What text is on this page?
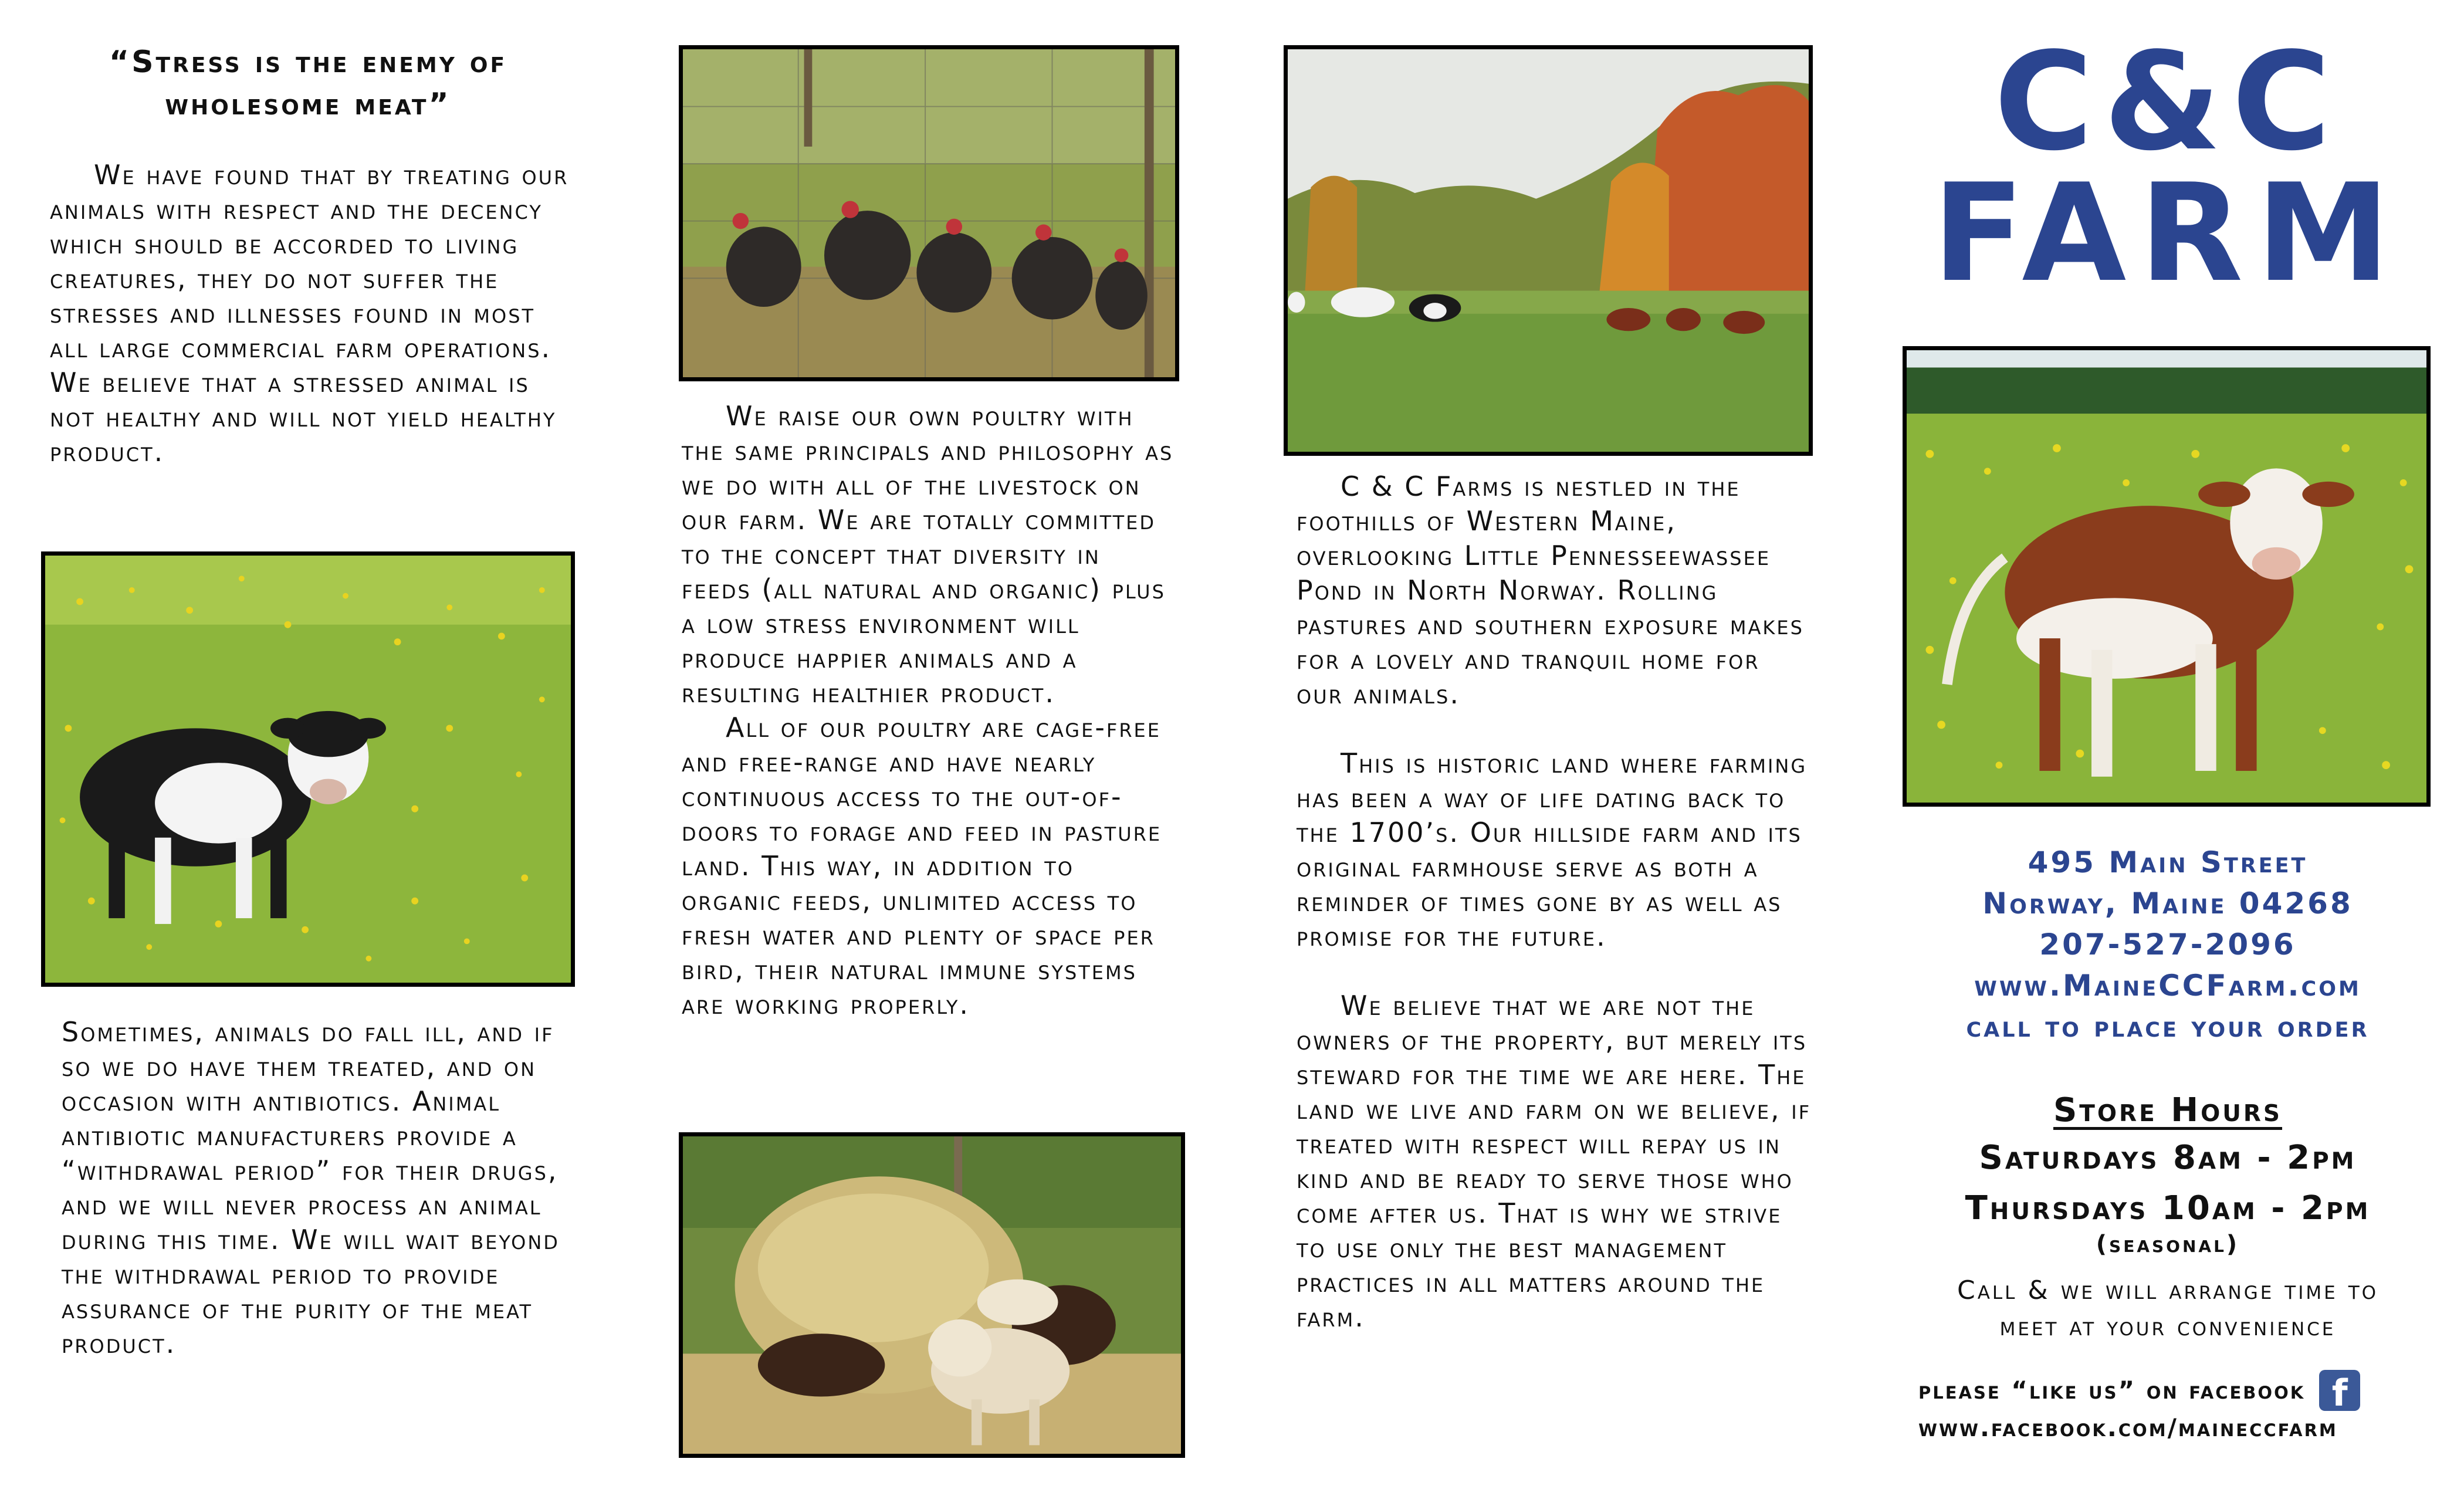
“Stress is the enemy of
wholesome meat”

We have found that by treating our animals with respect and the decency which should be accorded to living creatures, they do not suffer the stresses and illnesses found in most all large commercial farm operations. We believe that a stressed animal is not healthy and will not yield healthy product.

Sometimes, animals do fall ill, and if so we do have them treated, and on occasion with antibiotics. Animal antibiotic manufacturers provide a “withdrawal period” for their drugs, and we will never process an animal during this time. We will wait beyond the withdrawal period to provide assurance of the purity of the meat product.

We raise our own poultry with the same principals and philosophy as we do with all of the livestock on our farm. We are totally committed to the concept that diversity in feeds (all natural and organic) plus a low stress environment will produce happier animals and a resulting healthier product.

All of our poultry are cage-free and free-range and have nearly continuous access to the out-of-doors to forage and feed in pasture land. This way, in addition to organic feeds, unlimited access to fresh water and plenty of space per bird, their natural immune systems are working properly.

C & C Farms is nestled in the foothills of Western Maine, overlooking Little Pennesseewassee Pond in North Norway. Rolling pastures and southern exposure makes for a lovely and tranquil home for our animals.

This is historic land where farming has been a way of life dating back to the 1700’s. Our hillside farm and its original farmhouse serve as both a reminder of times gone by as well as promise for the future.

We believe that we are not the owners of the property, but merely its steward for the time we are here. The land we live and farm on we believe, if treated with respect will repay us in kind and be ready to serve those who come after us. That is why we strive to use only the best management practices in all matters around the farm.

C&C
FARM

495 Main Street

Norway, Maine 04268

207-527-2096

www.MaineCCFarm.com

call to place your order

Store Hours

Saturdays 8am - 2pm

Thursdays 10am - 2pm

(seasonal)

Call & we will arrange time to

meet at your convenience

please “like us” on facebook f
www.facebook.com/maineccfarm
